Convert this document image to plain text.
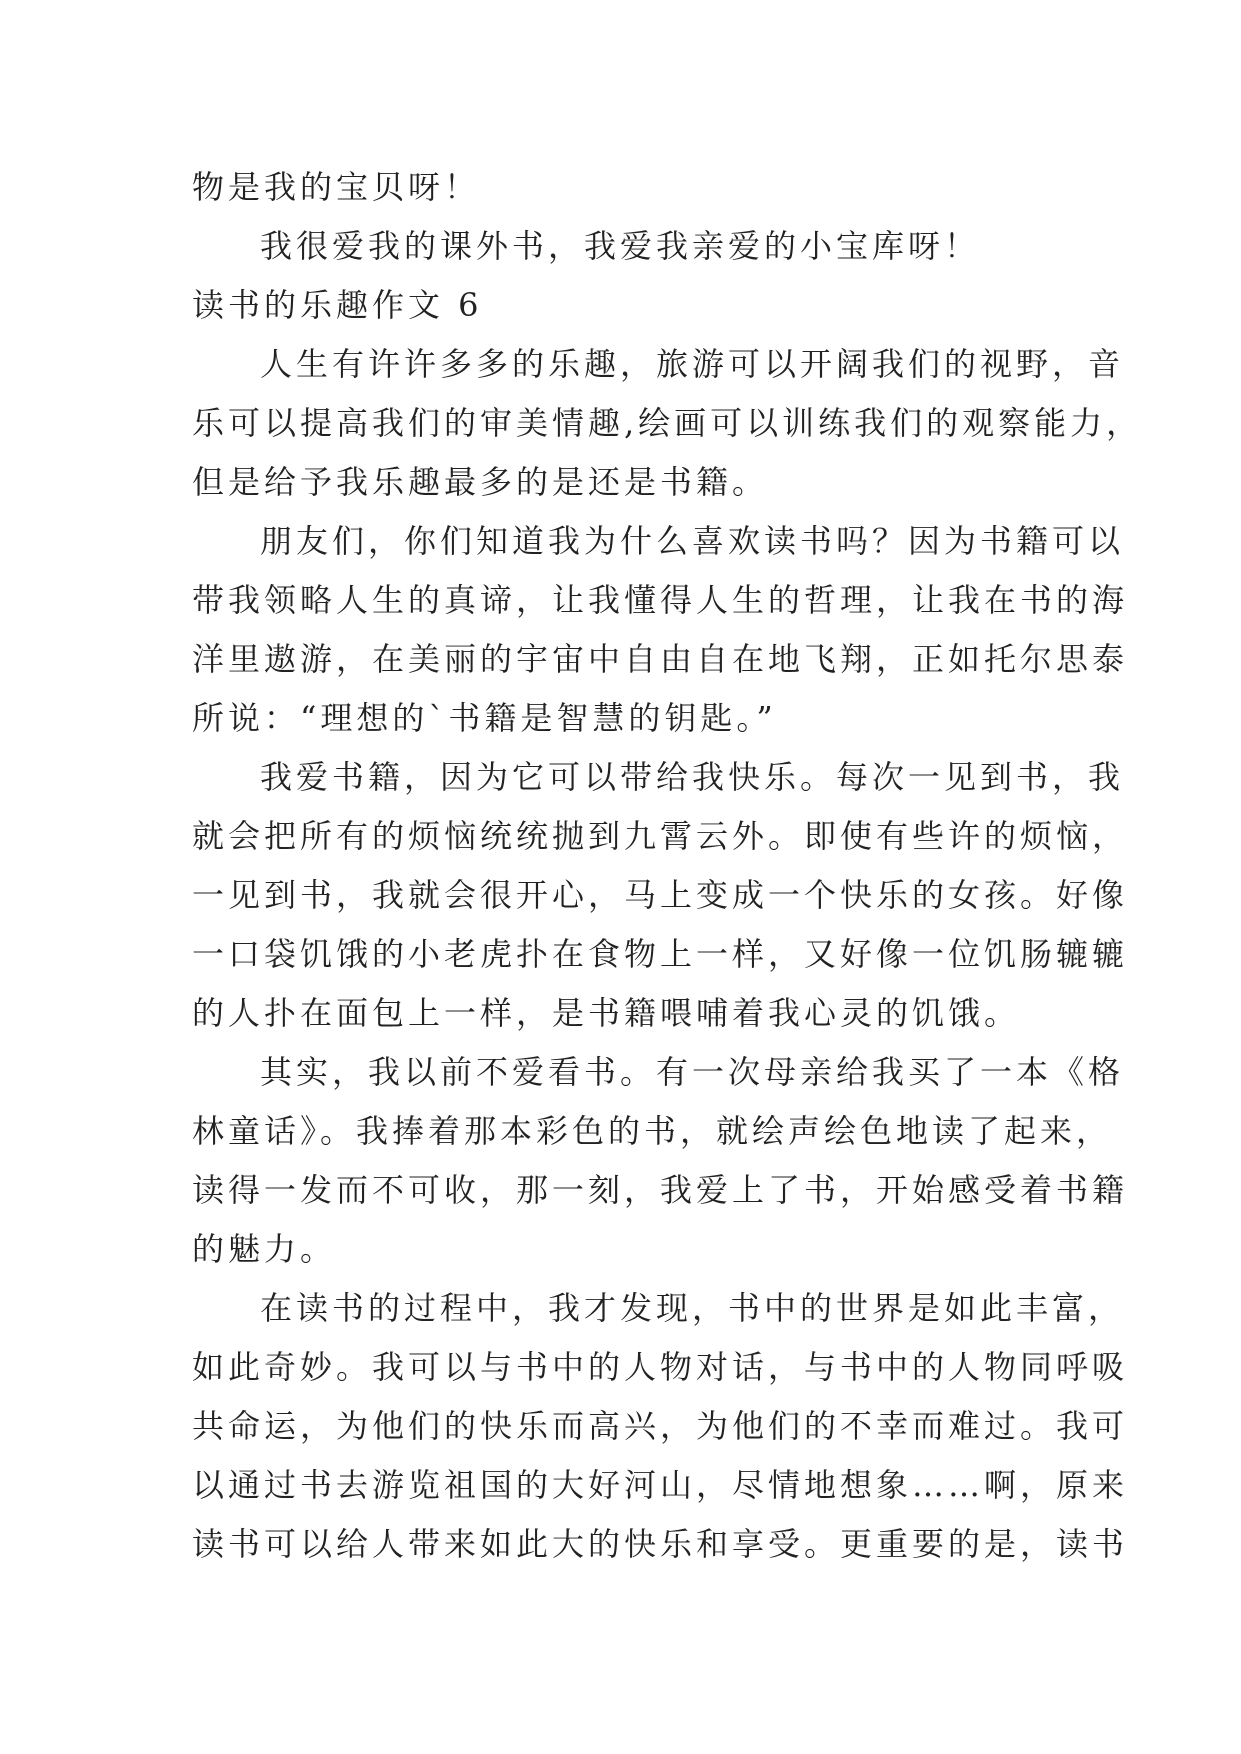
物是我的宝贝呀！
我很爱我的课外书，我爱我亲爱的小宝库呀！
读书的乐趣作文 6
人生有许许多多的乐趣，旅游可以开阔我们的视野，音
乐可以提高我们的审美情趣,绘画可以训练我们的观察能力，
但是给予我乐趣最多的是还是书籍。
朋友们，你们知道我为什么喜欢读书吗？因为书籍可以
带我领略人生的真谛，让我懂得人生的哲理，让我在书的海
洋里遨游，在美丽的宇宙中自由自在地飞翔，正如托尔思泰
所说：“理想的`书籍是智慧的钥匙。”
我爱书籍，因为它可以带给我快乐。每次一见到书，我
就会把所有的烦恼统统抛到九霄云外。即使有些许的烦恼，
一见到书，我就会很开心，马上变成一个快乐的女孩。好像
一口袋饥饿的小老虎扑在食物上一样，又好像一位饥肠辘辘
的人扑在面包上一样，是书籍喂哺着我心灵的饥饿。
其实，我以前不爱看书。有一次母亲给我买了一本《格
林童话》。我捧着那本彩色的书，就绘声绘色地读了起来，
读得一发而不可收，那一刻，我爱上了书，开始感受着书籍
的魅力。
在读书的过程中，我才发现，书中的世界是如此丰富，
如此奇妙。我可以与书中的人物对话，与书中的人物同呼吸
共命运，为他们的快乐而高兴，为他们的不幸而难过。我可
以通过书去游览祖国的大好河山，尽情地想象……啊，原来
读书可以给人带来如此大的快乐和享受。更重要的是，读书
